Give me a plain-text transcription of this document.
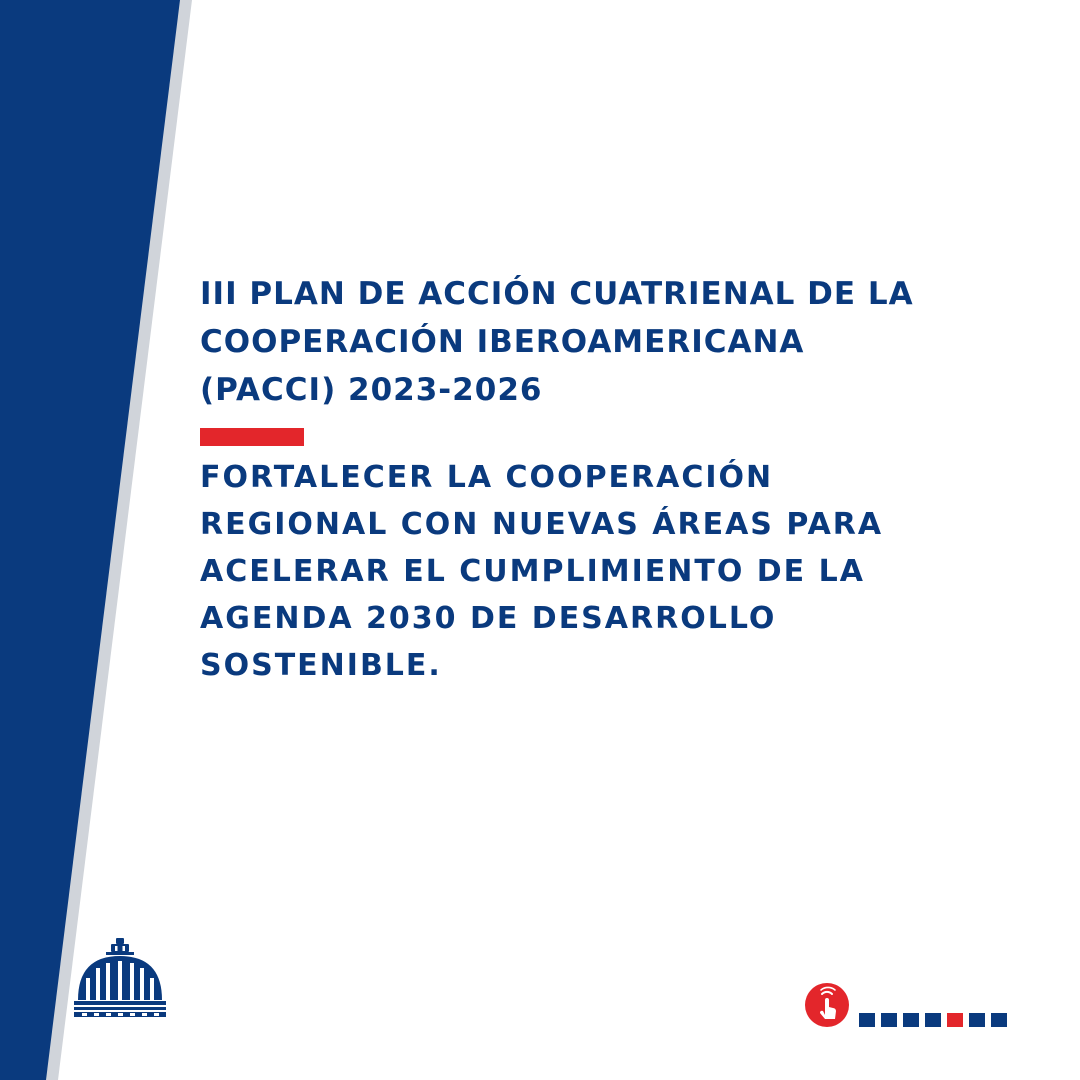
III PLAN DE ACCIÓN CUATRIENAL DE LA

COOPERACIÓN IBEROAMERICANA

(PACCI) 2023-2026

FORTALECER LA COOPERACIÓN

REGIONAL CON NUEVAS ÁREAS PARA

ACELERAR EL CUMPLIMIENTO DE LA

AGENDA 2030 DE DESARROLLO

SOSTENIBLE.
